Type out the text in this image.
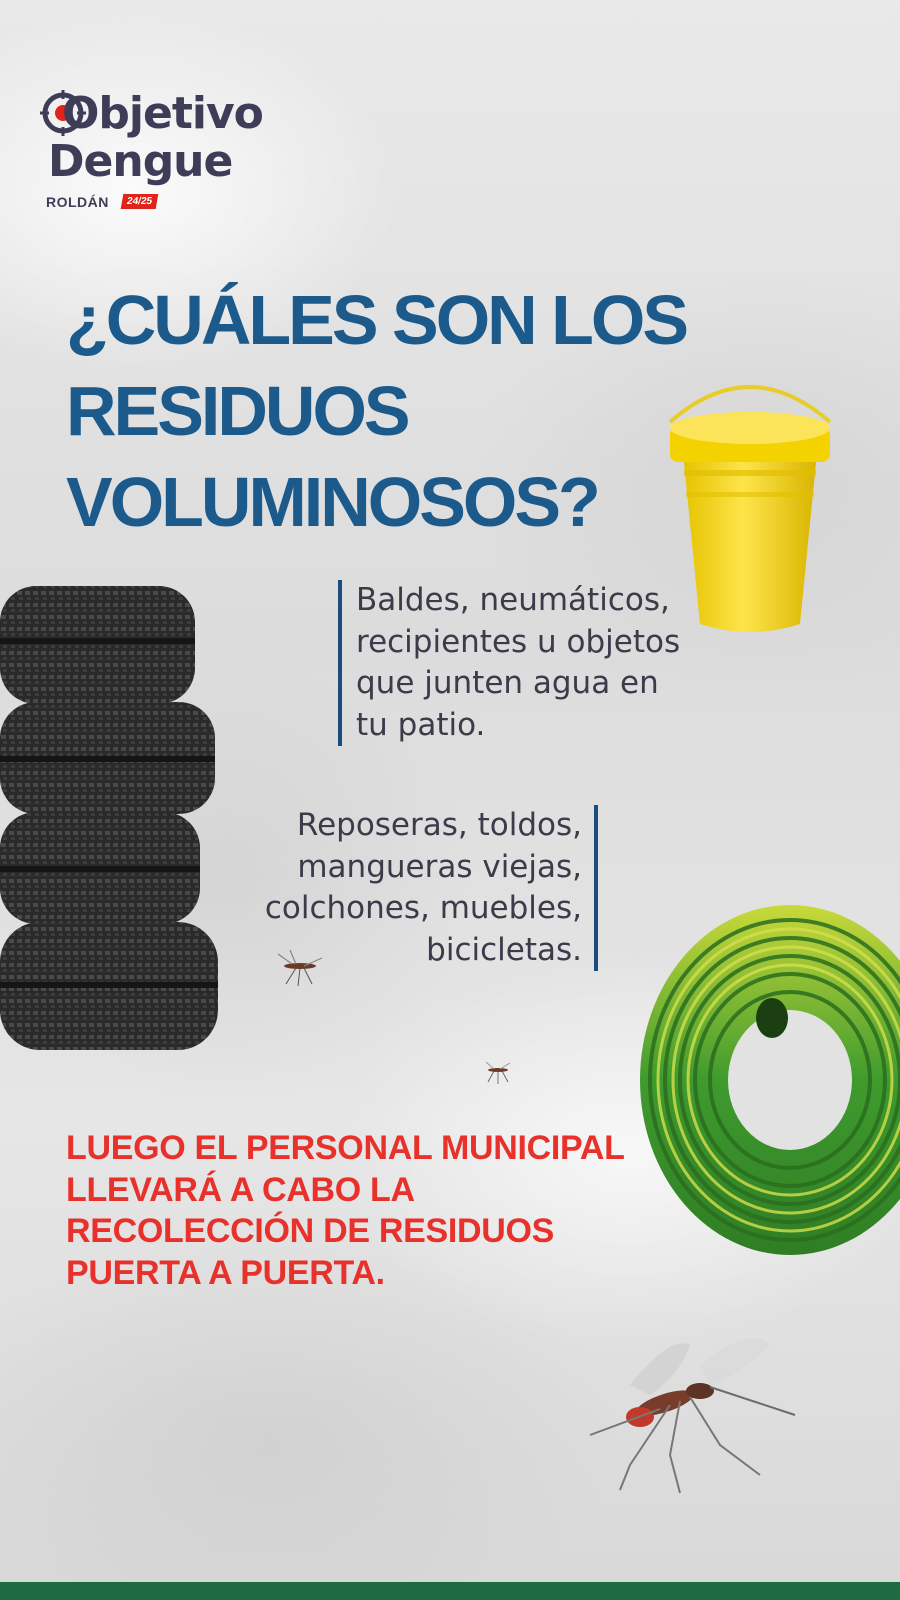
Objetivo
Dengue
ROLDÁN	24/25
¿CUÁLES SON LOS
RESIDUOS
VOLUMINOSOS?
Baldes, neumáticos,
recipientes u objetos
que junten agua en
tu patio.
Reposeras, toldos,
mangueras viejas,
colchones, muebles,
bicicletas.
LUEGO EL PERSONAL MUNICIPAL
LLEVARÁ A CABO LA
RECOLECCIÓN DE RESIDUOS
PUERTA A PUERTA.
